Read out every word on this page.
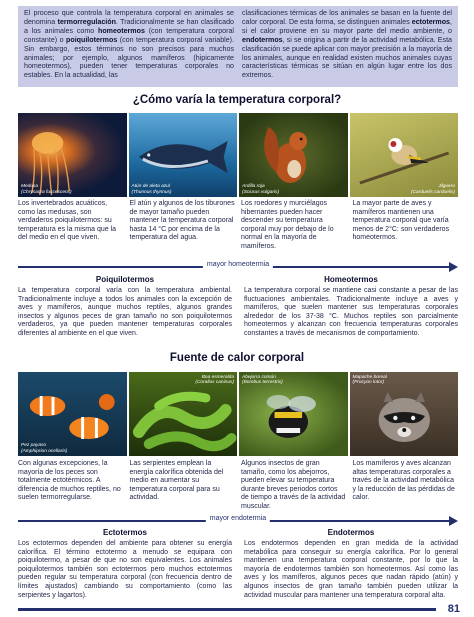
El proceso que controla la temperatura corporal en animales se denomina termorregulación. Tradicionalmente se han clasificado a los animales como homeotermos (con temperatura corporal constante) o poiquilotermos (con temperatura corporal variable). Sin embargo, estos términos no son precisos para muchos animales; por ejemplo, algunos mamíferos (hipicamente homeotermos), pueden tener temperaturas corporales no estables. En la actualidad, las

clasificaciones térmicas de los animales se basan en la fuente del calor corporal. De esta forma, se distinguen animales ectotermos, si el calor proviene en su mayor parte del medio ambiente, o endotermos, si se origina a partir de la actividad metabólica. Esta clasificación se puede aplicar con mayor precisión a la mayoría de los animales, aunque en realidad existen muchos animales cuyas características térmicas se sitúan en algún lugar entre los dos extremos.

¿Cómo varía la temperatura corporal?
Medusa
(Chrysaora fuscescens)
Atún de aleta azul
(Thunnus thynnus)
Ardilla roja
(Sciurus vulgaris)
Jilguero
(Carduelis carduelis)
Los invertebrados acuáticos, como las medusas, son verdaderos poiquilotermos: su temperatura es la misma que la del medio en el que viven.
El atún y algunos de los tiburones de mayor tamaño pueden mantener la temperatura corporal hasta 14 °C por encima de la temperatura del agua.
Los roedores y murciélagos hibernantes pueden hacer descender su temperatura corporal muy por debajo de lo normal en la mayoría de mamíferos.
La mayor parte de aves y mamíferos mantienen una temperatura corporal que varía menos de 2°C: son verdaderos homeotermos.
mayor homeotermia
Poiquilotermos

La temperatura corporal varía con la temperatura ambiental. Tradicionalmente incluye a todos los animales con la excepción de aves y mamíferos, aunque muchos reptiles, algunos grandes insectos y algunos peces de gran tamaño no son poiquilotermos verdaderos, ya que pueden mantener temperaturas corporales diferentes al ambiente en el que viven.

Homeotermos

La temperatura corporal se mantiene casi constante a pesar de las fluctuaciones ambientales. Tradicionalmente incluye a aves y mamíferos, que suelen mantener sus temperaturas corporales alrededor de los 37-38 °C. Muchos reptiles son parcialmente homeotermos y alcanzan con frecuencia temperaturas corporales constantes a través de mecanismos de comportamiento.

Fuente de calor corporal
Pez payaso
(Amphiprion ocellaris)
Boa esmeralda
(Corallus caninus)
Abejorro común
(Bombus terrestris)
Mapache boreal
(Procyon lotor)
Con algunas excepciones, la mayoría de los peces son totalmente ectotérmicos. A diferencia de muchos reptiles, no suelen termorregularse.
Las serpientes emplean la energía calorífica obtenida del medio en aumentar su temperatura corporal para su actividad.
Algunos insectos de gran tamaño, como los abejorros, pueden elevar su temperatura durante breves periodos cortos de tiempo a través de la actividad muscular.
Los mamíferos y aves alcanzan altas temperaturas corporales a través de la actividad metabólica y la reducción de las pérdidas de calor.
mayor endotermia
Ectotermos

Los ectotermos dependen del ambiente para obtener su energía calorífica. El término ectotermo a menudo se equipara con poiquilotermo, a pesar de que no son equivalentes. Los animales poiquilotermos también son ectotermos pero muchos ectotermos pueden regular su temperatura corporal (con frecuencia dentro de límites ajustados) cambiando su comportamiento (como las serpientes y lagartos).

Endotermos

Los endotermos dependen en gran medida de la actividad metabólica para conseguir su energía calorífica. Por lo general mantienen una temperatura corporal constante, por lo que la mayoría de endotermos también son homeotermos. Así como las aves y los mamíferos, algunos peces que nadan rápido (atún) y algunos insectos de gran tamaño también pueden utilizar la actividad muscular para mantener una temperatura corporal alta.

81
